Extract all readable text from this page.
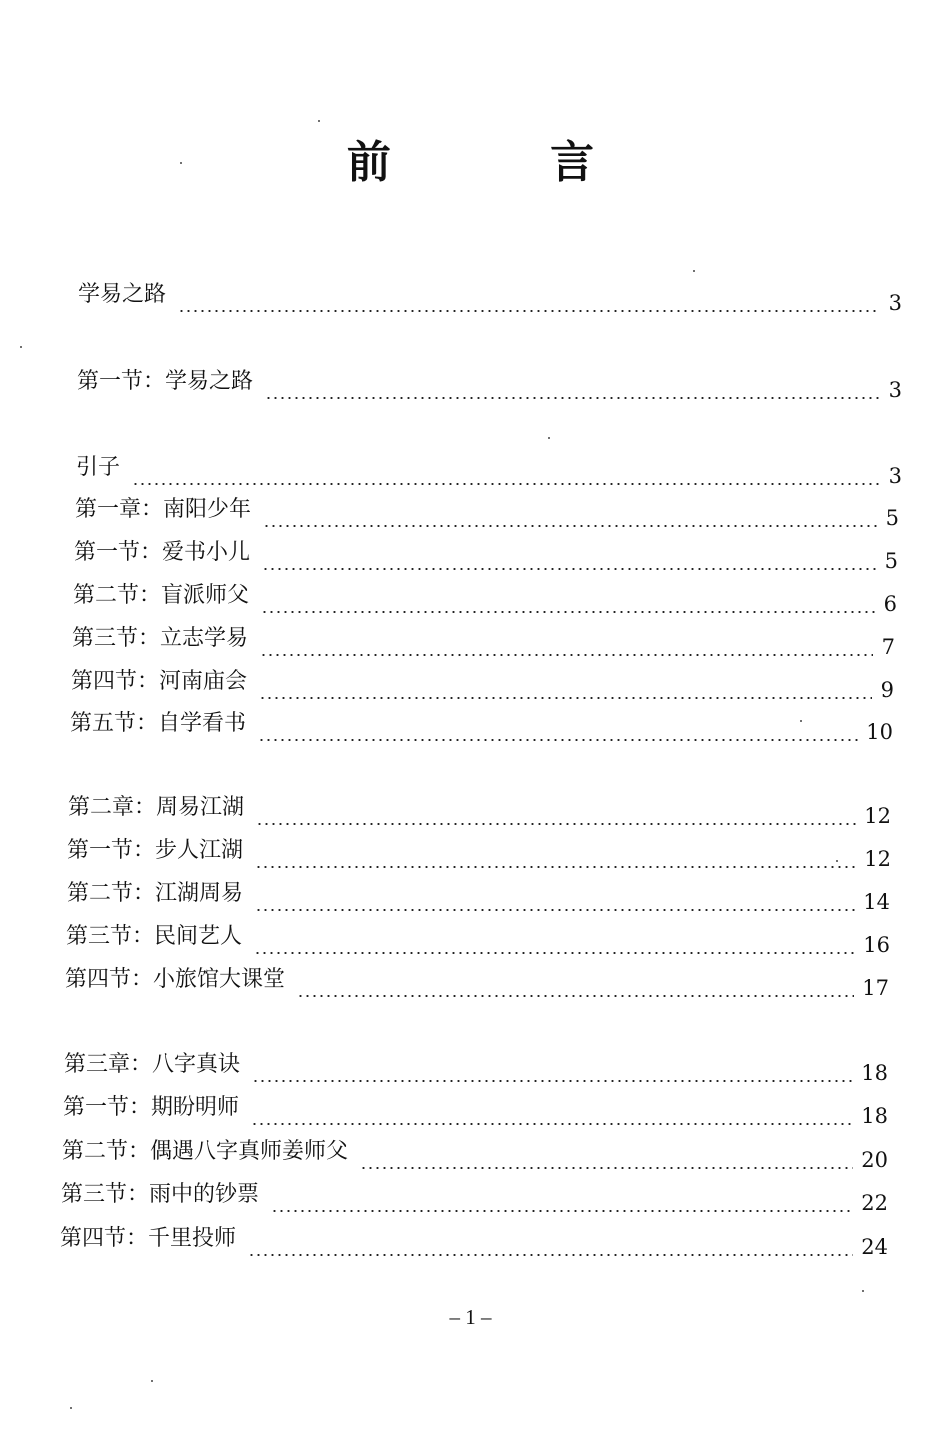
前 言
学易之路	3
第一节：学易之路	3
引子	3
第一章：南阳少年	5
第一节：爱书小儿	5
第二节：盲派师父	6
第三节：立志学易	7
第四节：河南庙会	9
第五节：自学看书	10
第二章：周易江湖	12
第一节：步人江湖	12
第二节：江湖周易	14
第三节：民间艺人	16
第四节：小旅馆大课堂	17
第三章：八字真诀	18
第一节：期盼明师	18
第二节：偶遇八字真师姜师父	20
第三节：雨中的钞票	22
第四节：千里投师	24
– 1 –
